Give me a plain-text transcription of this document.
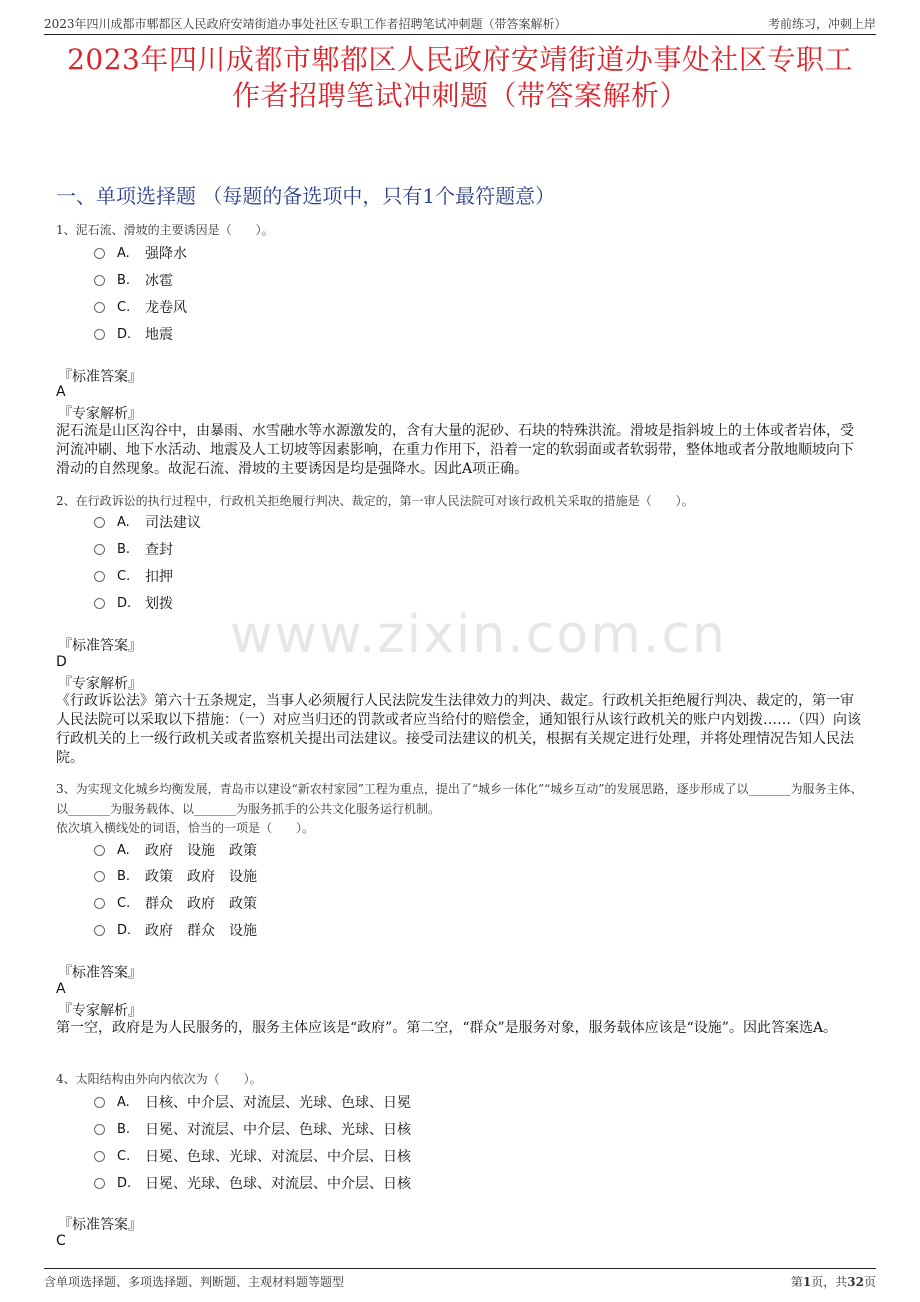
2023年四川成都市郫都区人民政府安靖街道办事处社区专职工作者招聘笔试冲刺题（带答案解析）	考前练习，冲刺上岸
2023年四川成都市郫都区人民政府安靖街道办事处社区专职工
作者招聘笔试冲刺题（带答案解析）
www.zixin.com.cn
一、单项选择题 （每题的备选项中，只有1个最符题意）
1、泥石流、滑坡的主要诱因是（　　）。
A.	强降水
B.	冰雹
C.	龙卷风
D. 地震
『标准答案』
A
『专家解析』
泥石流是山区沟谷中，由暴雨、水雪融水等水源激发的，含有大量的泥砂、石块的特殊洪流。滑坡是指斜坡上的土体或者岩体，受河流冲刷、地下水活动、地震及人工切坡等因素影响，在重力作用下，沿着一定的软弱面或者软弱带，整体地或者分散地顺坡向下滑动的自然现象。故泥石流、滑坡的主要诱因是均是强降水。因此A项正确。
2、在行政诉讼的执行过程中，行政机关拒绝履行判决、裁定的，第一审人民法院可对该行政机关采取的措施是（　　）。
A.	司法建议
B.	查封
C.	扣押
D. 划拨
『标准答案』
D
『专家解析』
《行政诉讼法》第六十五条规定，当事人必须履行人民法院发生法律效力的判决、裁定。行政机关拒绝履行判决、裁定的，第一审人民法院可以采取以下措施：（一）对应当归还的罚款或者应当给付的赔偿金，通知银行从该行政机关的账户内划拨……（四）向该行政机关的上一级行政机关或者监察机关提出司法建议。接受司法建议的机关，根据有关规定进行处理，并将处理情况告知人民法院。
3、为实现文化城乡均衡发展，青岛市以建设“新农村家园”工程为重点，提出了“城乡一体化”“城乡互动”的发展思路，逐步形成了以_______为服务主体、以_______为服务载体、以_______为服务抓手的公共文化服务运行机制。
依次填入横线处的词语，恰当的一项是（　　）。
A.	政府　设施　政策
B.	政策　政府　设施
C.	群众　政府　政策
D. 政府　群众　设施
『标准答案』
A
『专家解析』
第一空，政府是为人民服务的，服务主体应该是“政府”。第二空，“群众”是服务对象，服务载体应该是“设施”。因此答案选A。
4、太阳结构由外向内依次为（　　）。
A.	日核、中介层、对流层、光球、色球、日冕
B.	日冕、对流层、中介层、色球、光球、日核
C.	日冕、色球、光球、对流层、中介层、日核
D. 日冕、光球、色球、对流层、中介层、日核
『标准答案』
C
含单项选择题、多项选择题、判断题、主观材料题等题型	第1页，共32页
